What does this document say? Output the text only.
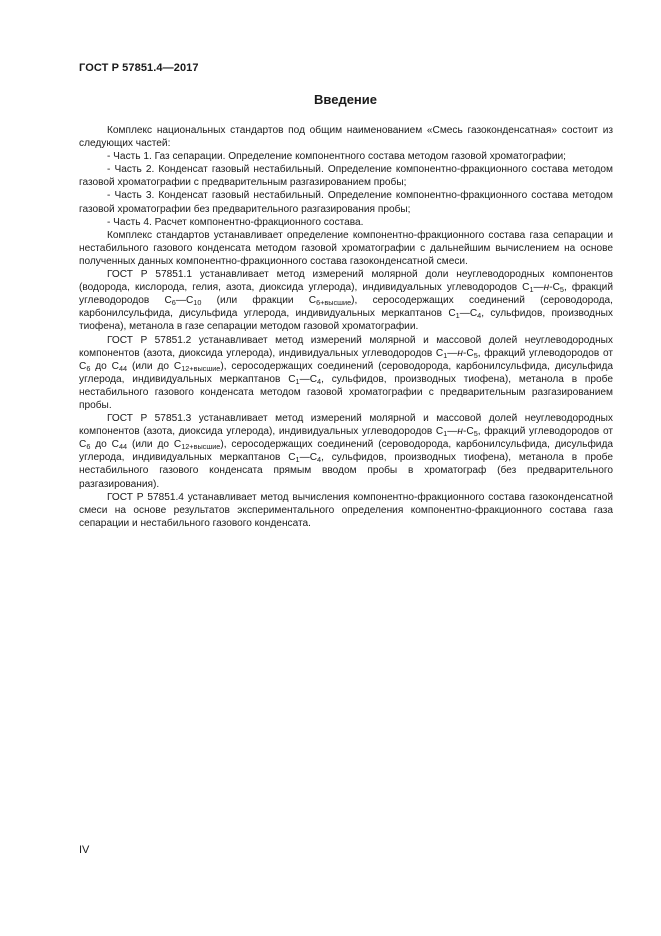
ГОСТ Р 57851.4—2017
Введение

Комплекс национальных стандартов под общим наименованием «Смесь газоконденсатная» состоит из следующих частей:

- Часть 1. Газ сепарации. Определение компонентного состава методом газовой хроматографии;

- Часть 2. Конденсат газовый нестабильный. Определение компонентно-фракционного состава методом газовой хроматографии с предварительным разгазированием пробы;

- Часть 3. Конденсат газовый нестабильный. Определение компонентно-фракционного состава методом газовой хроматографии без предварительного разгазирования пробы;

- Часть 4. Расчет компонентно-фракционного состава.

Комплекс стандартов устанавливает определение компонентно-фракционного состава газа сепарации и нестабильного газового конденсата методом газовой хроматографии с дальнейшим вычислением на основе полученных данных компонентно-фракционного состава газоконденсатной смеси.

ГОСТ Р 57851.1 устанавливает метод измерений молярной доли неуглеводородных компонентов (водорода, кислорода, гелия, азота, диоксида углерода), индивидуальных углеводородов $C_1—н-C_5$, фракций углеводородов $C_6—C_{10}$ (или фракции $C_{6+высшие}$), серосодержащих соединений (сероводорода, карбонилсульфида, дисульфида углерода, индивидуальных меркаптанов $C_1—C_4$, сульфидов, производных тиофена), метанола в газе сепарации методом газовой хроматографии.

ГОСТ Р 57851.2 устанавливает метод измерений молярной и массовой долей неуглеводородных компонентов (азота, диоксида углерода), индивидуальных углеводородов $C_1—н-C_5$, фракций углеводородов от $C_6$ до $C_{44}$ (или до $C_{12+высшие}$), серосодержащих соединений (сероводорода, карбонилсульфида, дисульфида углерода, индивидуальных меркаптанов $C_1—C_4$, сульфидов, производных тиофена), метанола в пробе нестабильного газового конденсата методом газовой хроматографии с предварительным разгазированием пробы.

ГОСТ Р 57851.3 устанавливает метод измерений молярной и массовой долей неуглеводородных компонентов (азота, диоксида углерода), индивидуальных углеводородов $C_1—н-C_5$, фракций углеводородов от $C_6$ до $C_{44}$ (или до $C_{12+высшие}$), серосодержащих соединений (сероводорода, карбонилсульфида, дисульфида углерода, индивидуальных меркаптанов $C_1—C_4$, сульфидов, производных тиофена), метанола в пробе нестабильного газового конденсата прямым вводом пробы в хроматограф (без предварительного разгазирования).

ГОСТ Р 57851.4 устанавливает метод вычисления компонентно-фракционного состава газоконденсатной смеси на основе результатов экспериментального определения компонентно-фракционного состава газа сепарации и нестабильного газового конденсата.

IV
